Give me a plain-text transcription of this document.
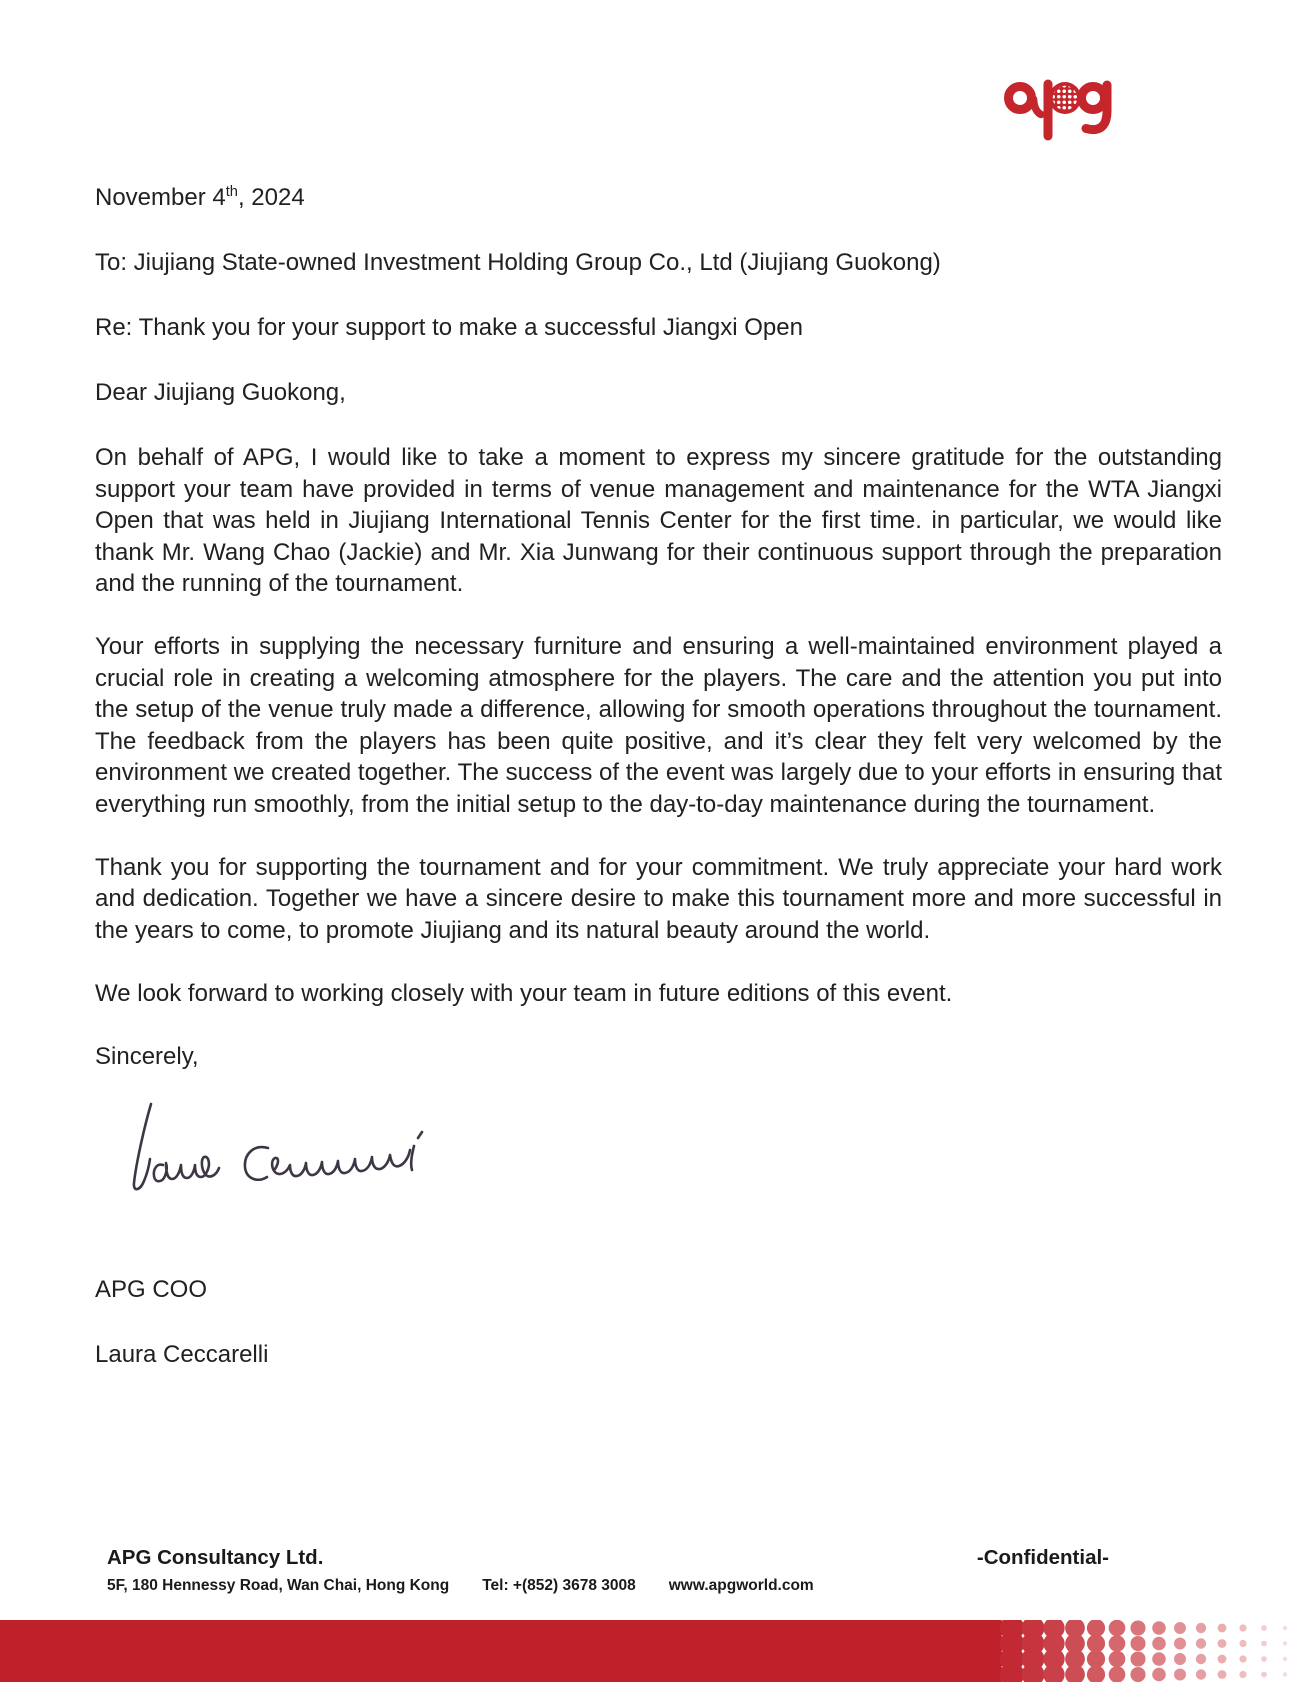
November 4th, 2024

To: Jiujiang State-owned Investment Holding Group Co., Ltd (Jiujiang Guokong)

Re: Thank you for your support to make a successful Jiangxi Open

Dear Jiujiang Guokong,

On behalf of APG, I would like to take a moment to express my sincere gratitude for the outstanding support your team have provided in terms of venue management and maintenance for the WTA Jiangxi Open that was held in Jiujiang International Tennis Center for the first time. in particular, we would like thank Mr. Wang Chao (Jackie) and Mr. Xia Junwang for their continuous support through the preparation and the running of the tournament.

Your efforts in supplying the necessary furniture and ensuring a well-maintained environment played a crucial role in creating a welcoming atmosphere for the players. The care and the attention you put into the setup of the venue truly made a difference, allowing for smooth operations throughout the tournament. The feedback from the players has been quite positive, and it’s clear they felt very welcomed by the environment we created together. The success of the event was largely due to your efforts in ensuring that everything run smoothly, from the initial setup to the day-to-day maintenance during the tournament.

Thank you for supporting the tournament and for your commitment. We truly appreciate your hard work and dedication. Together we have a sincere desire to make this tournament more and more successful in the years to come, to promote Jiujiang and its natural beauty around the world.

We look forward to working closely with your team in future editions of this event.

Sincerely,

APG COO

Laura Ceccarelli

APG Consultancy Ltd.	-Confidential-
5F, 180 Hennessy Road, Wan Chai, Hong Kong Tel: +(852) 3678 3008 www.apgworld.com
